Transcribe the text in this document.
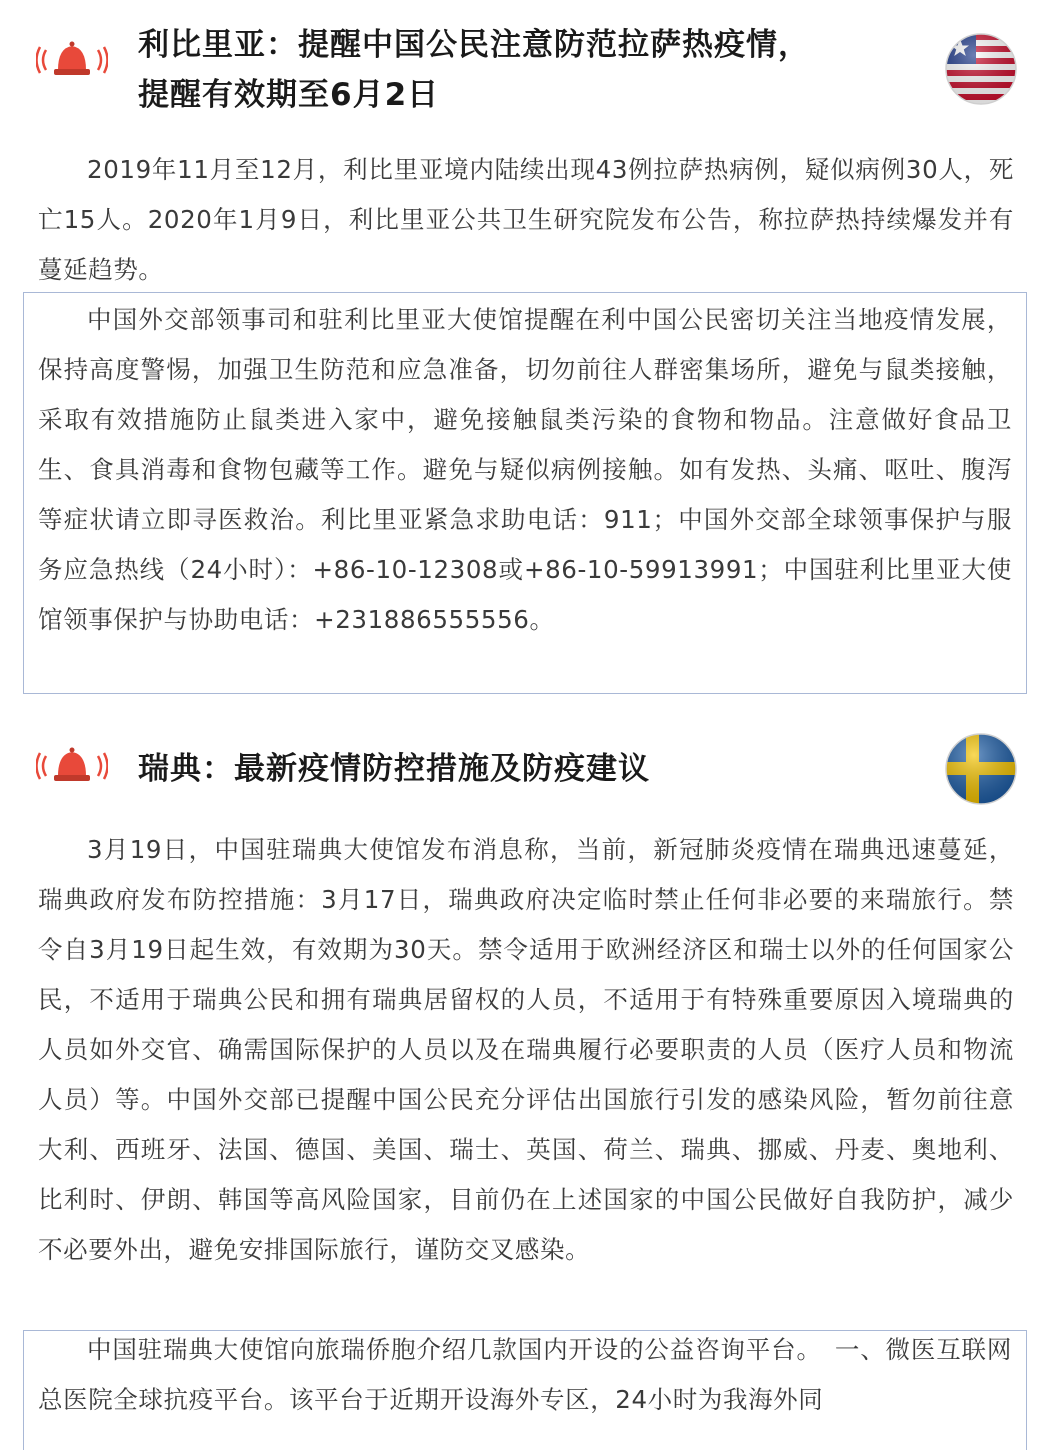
利比里亚：提醒中国公民注意防范拉萨热疫情，
提醒有效期至6月2日

2019年11月至12月，利比里亚境内陆续出现43例拉萨热病例，疑似病例30人，死亡15人。2020年1月9日，利比里亚公共卫生研究院发布公告，称拉萨热持续爆发并有蔓延趋势。

中国外交部领事司和驻利比里亚大使馆提醒在利中国公民密切关注当地疫情发展，保持高度警惕，加强卫生防范和应急准备，切勿前往人群密集场所，避免与鼠类接触，采取有效措施防止鼠类进入家中，避免接触鼠类污染的食物和物品。注意做好食品卫生、食具消毒和食物包藏等工作。避免与疑似病例接触。如有发热、头痛、呕吐、腹泻等症状请立即寻医救治。利比里亚紧急求助电话：911；中国外交部全球领事保护与服务应急热线（24小时）：+86-10-12308或+86-10-59913991；中国驻利比里亚大使馆领事保护与协助电话：+231886555556。

瑞典：最新疫情防控措施及防疫建议

3月19日，中国驻瑞典大使馆发布消息称，当前，新冠肺炎疫情在瑞典迅速蔓延，瑞典政府发布防控措施：3月17日，瑞典政府决定临时禁止任何非必要的来瑞旅行。禁令自3月19日起生效，有效期为30天。禁令适用于欧洲经济区和瑞士以外的任何国家公民，不适用于瑞典公民和拥有瑞典居留权的人员，不适用于有特殊重要原因入境瑞典的人员如外交官、确需国际保护的人员以及在瑞典履行必要职责的人员（医疗人员和物流人员）等。中国外交部已提醒中国公民充分评估出国旅行引发的感染风险，暂勿前往意大利、西班牙、法国、德国、美国、瑞士、英国、荷兰、瑞典、挪威、丹麦、奥地利、比利时、伊朗、韩国等高风险国家，目前仍在上述国家的中国公民做好自我防护，减少不必要外出，避免安排国际旅行，谨防交叉感染。

中国驻瑞典大使馆向旅瑞侨胞介绍几款国内开设的公益咨询平台。　一、微医互联网总医院全球抗疫平台。该平台于近期开设海外专区，24小时为我海外同
